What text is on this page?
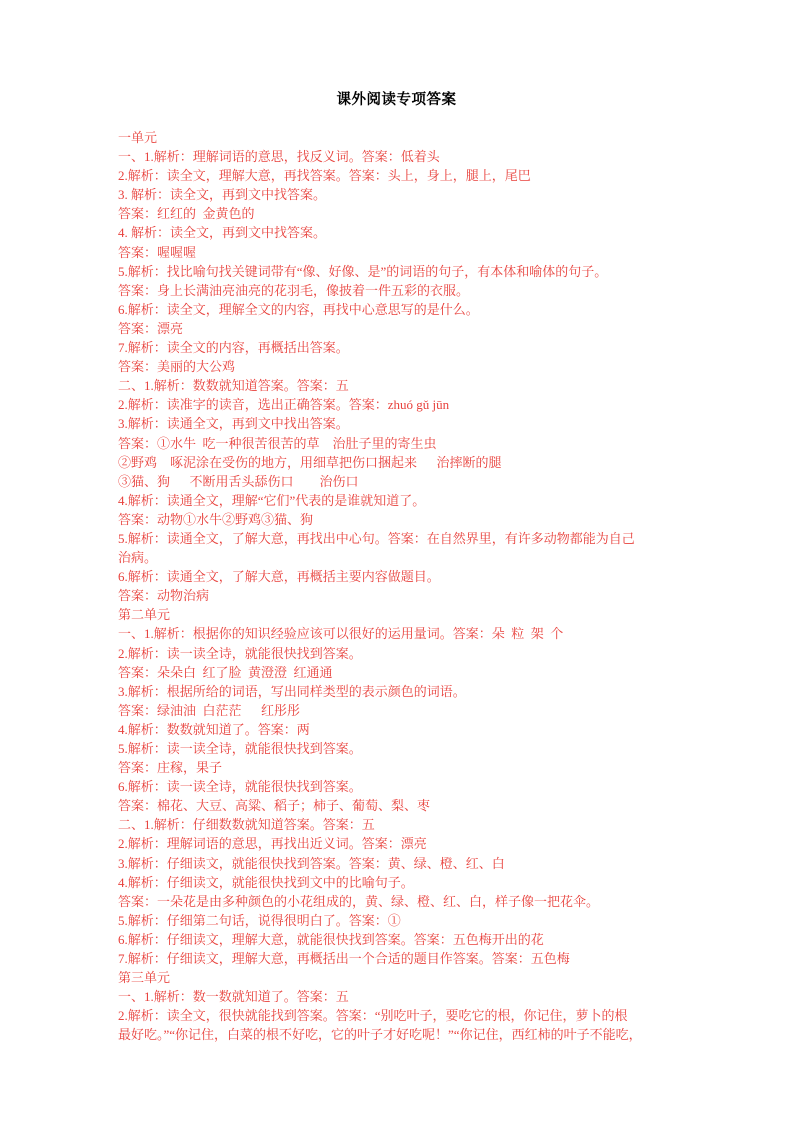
课外阅读专项答案
一单元
一、1.解析：理解词语的意思，找反义词。答案：低着头
2.解析：读全文，理解大意，再找答案。答案：头上，身上，腿上，尾巴
3. 解析：读全文，再到文中找答案。
答案：红红的  金黄色的
4. 解析：读全文，再到文中找答案。
答案：喔喔喔
5.解析：找比喻句找关键词带有“像、好像、是”的词语的句子，有本体和喻体的句子。
答案：身上长满油亮油亮的花羽毛，像披着一件五彩的衣服。
6.解析：读全文，理解全文的内容，再找中心意思写的是什么。
答案：漂亮
7.解析：读全文的内容，再概括出答案。
答案：美丽的大公鸡
二、1.解析：数数就知道答案。答案：五
2.解析：读准字的读音，选出正确答案。答案：zhuó gǔ jūn
3.解析：读通全文，再到文中找出答案。
答案：①水牛  吃一种很苦很苦的草    治肚子里的寄生虫
②野鸡    啄泥涂在受伤的地方，用细草把伤口捆起来      治摔断的腿
③猫、狗      不断用舌头舔伤口        治伤口
4.解析：读通全文，理解“它们”代表的是谁就知道了。
答案：动物①水牛②野鸡③猫、狗
5.解析：读通全文，了解大意，再找出中心句。答案：在自然界里，有许多动物都能为自己
治病。
6.解析：读通全文，了解大意，再概括主要内容做题目。
答案：动物治病
第二单元
一、1.解析：根据你的知识经验应该可以很好的运用量词。答案：朵  粒  架  个
2.解析：读一读全诗，就能很快找到答案。
答案：朵朵白  红了脸  黄澄澄  红通通
3.解析：根据所给的词语，写出同样类型的表示颜色的词语。
答案：绿油油  白茫茫      红彤彤
4.解析：数数就知道了。答案：两
5.解析：读一读全诗，就能很快找到答案。
答案：庄稼，果子
6.解析：读一读全诗，就能很快找到答案。
答案：棉花、大豆、高粱、稻子；柿子、葡萄、梨、枣
二、1.解析：仔细数数就知道答案。答案：五
2.解析：理解词语的意思，再找出近义词。答案：漂亮
3.解析：仔细读文，就能很快找到答案。答案：黄、绿、橙、红、白
4.解析：仔细读文，就能很快找到文中的比喻句子。
答案：一朵花是由多种颜色的小花组成的，黄、绿、橙、红、白，样子像一把花伞。
5.解析：仔细第二句话，说得很明白了。答案：①
6.解析：仔细读文，理解大意，就能很快找到答案。答案：五色梅开出的花
7.解析：仔细读文，理解大意，再概括出一个合适的题目作答案。答案：五色梅
第三单元
一、1.解析：数一数就知道了。答案：五
2.解析：读全文，很快就能找到答案。答案：“别吃叶子，要吃它的根，你记住，萝卜的根
最好吃。”“你记住，白菜的根不好吃，它的叶子才好吃呢！”“你记住，西红柿的叶子不能吃，
